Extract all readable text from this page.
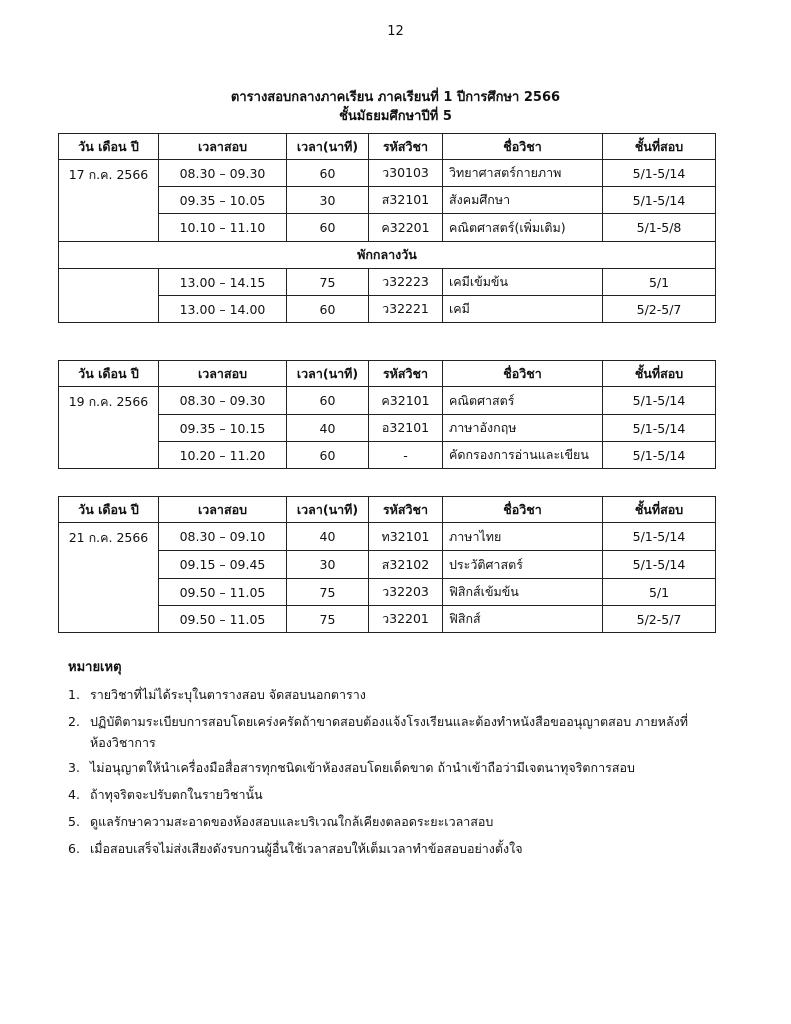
12
ตารางสอบกลางภาคเรียน ภาคเรียนที่ 1 ปีการศึกษา 2566
ชั้นมัธยมศึกษาปีที่ 5
วัน เดือน ปี	เวลาสอบ	เวลา(นาที)	รหัสวิชา	ชื่อวิชา	ชั้นที่สอบ
17 ก.ค. 2566	08.30 – 09.30	60	ว30103	วิทยาศาสตร์กายภาพ	5/1-5/14
	09.35 – 10.05	30	ส32101	สังคมศึกษา	5/1-5/14
	10.10 – 11.10	60	ค32201	คณิตศาสตร์(เพิ่มเติม)	5/1-5/8
พักกลางวัน					
	13.00 – 14.15	75	ว32223	เคมีเข้มข้น	5/1
	13.00 – 14.00	60	ว32221	เคมี	5/2-5/7
วัน เดือน ปี	เวลาสอบ	เวลา(นาที)	รหัสวิชา	ชื่อวิชา	ชั้นที่สอบ
19 ก.ค. 2566	08.30 – 09.30	60	ค32101	คณิตศาสตร์	5/1-5/14
	09.35 – 10.15	40	อ32101	ภาษาอังกฤษ	5/1-5/14
	10.20 – 11.20	60	-	คัดกรองการอ่านและเขียน	5/1-5/14
วัน เดือน ปี	เวลาสอบ	เวลา(นาที)	รหัสวิชา	ชื่อวิชา	ชั้นที่สอบ
21 ก.ค. 2566	08.30 – 09.10	40	ท32101	ภาษาไทย	5/1-5/14
	09.15 – 09.45	30	ส32102	ประวัติศาสตร์	5/1-5/14
	09.50 – 11.05	75	ว32203	ฟิสิกส์เข้มข้น	5/1
	09.50 – 11.05	75	ว32201	ฟิสิกส์	5/2-5/7
หมายเหตุ
1. รายวิชาที่ไม่ได้ระบุในตารางสอบ จัดสอบนอกตาราง
2. ปฏิบัติตามระเบียบการสอบโดยเคร่งครัดถ้าขาดสอบต้องแจ้งโรงเรียนและต้องทำหนังสือขออนุญาตสอบ ภายหลังที่ห้องวิชาการ
3. ไม่อนุญาตให้นำเครื่องมือสื่อสารทุกชนิดเข้าห้องสอบโดยเด็ดขาด ถ้านำเข้าถือว่ามีเจตนาทุจริตการสอบ
4. ถ้าทุจริตจะปรับตกในรายวิชานั้น
5. ดูแลรักษาความสะอาดของห้องสอบและบริเวณใกล้เคียงตลอดระยะเวลาสอบ
6. เมื่อสอบเสร็จไม่ส่งเสียงดังรบกวนผู้อื่นใช้เวลาสอบให้เต็มเวลาทำข้อสอบอย่างตั้งใจ
